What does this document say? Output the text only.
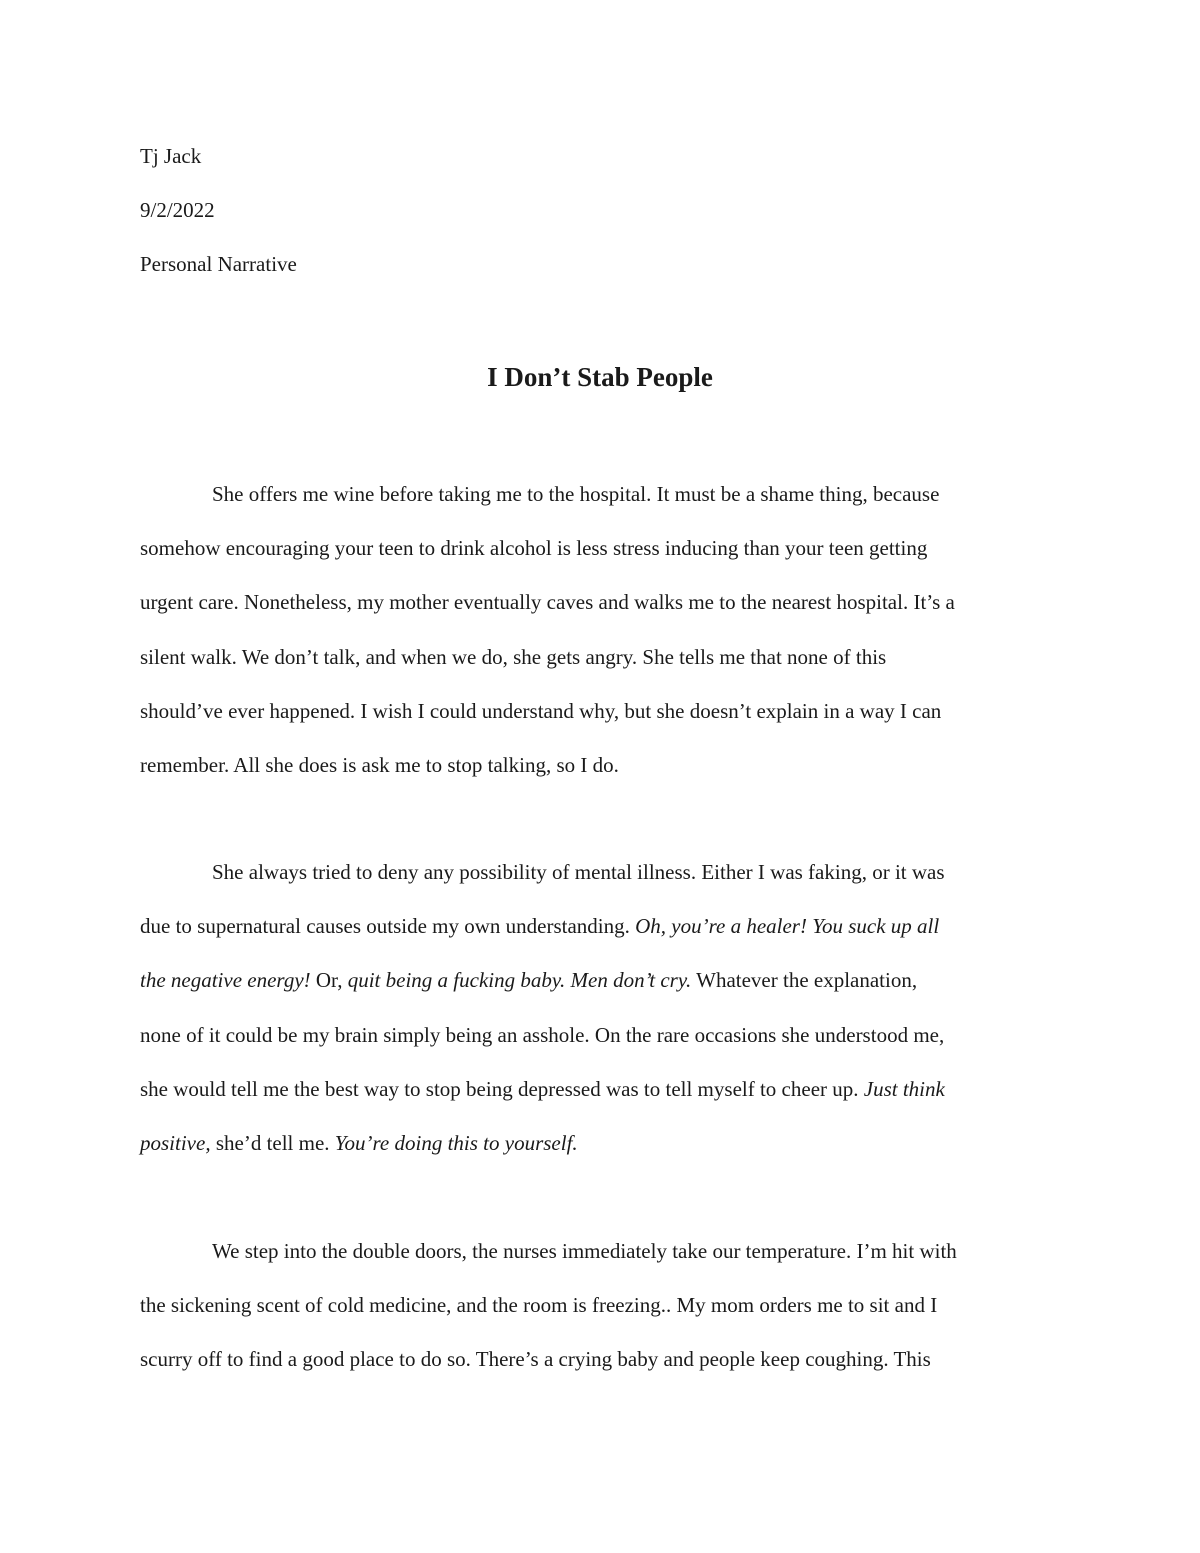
Tj Jack

9/2/2022

Personal Narrative

I Don’t Stab People
She offers me wine before taking me to the hospital. It must be a shame thing, because
somehow encouraging your teen to drink alcohol is less stress inducing than your teen getting
urgent care. Nonetheless, my mother eventually caves and walks me to the nearest hospital. It’s a
silent walk. We don’t talk, and when we do, she gets angry. She tells me that none of this
should’ve ever happened. I wish I could understand why, but she doesn’t explain in a way I can
remember. All she does is ask me to stop talking, so I do.
She always tried to deny any possibility of mental illness. Either I was faking, or it was
due to supernatural causes outside my own understanding. Oh, you’re a healer! You suck up all
the negative energy! Or, quit being a fucking baby. Men don’t cry. Whatever the explanation,
none of it could be my brain simply being an asshole. On the rare occasions she understood me,
she would tell me the best way to stop being depressed was to tell myself to cheer up. Just think
positive, she’d tell me. You’re doing this to yourself.
We step into the double doors, the nurses immediately take our temperature. I’m hit with
the sickening scent of cold medicine, and the room is freezing.. My mom orders me to sit and I
scurry off to find a good place to do so. There’s a crying baby and people keep coughing. This
